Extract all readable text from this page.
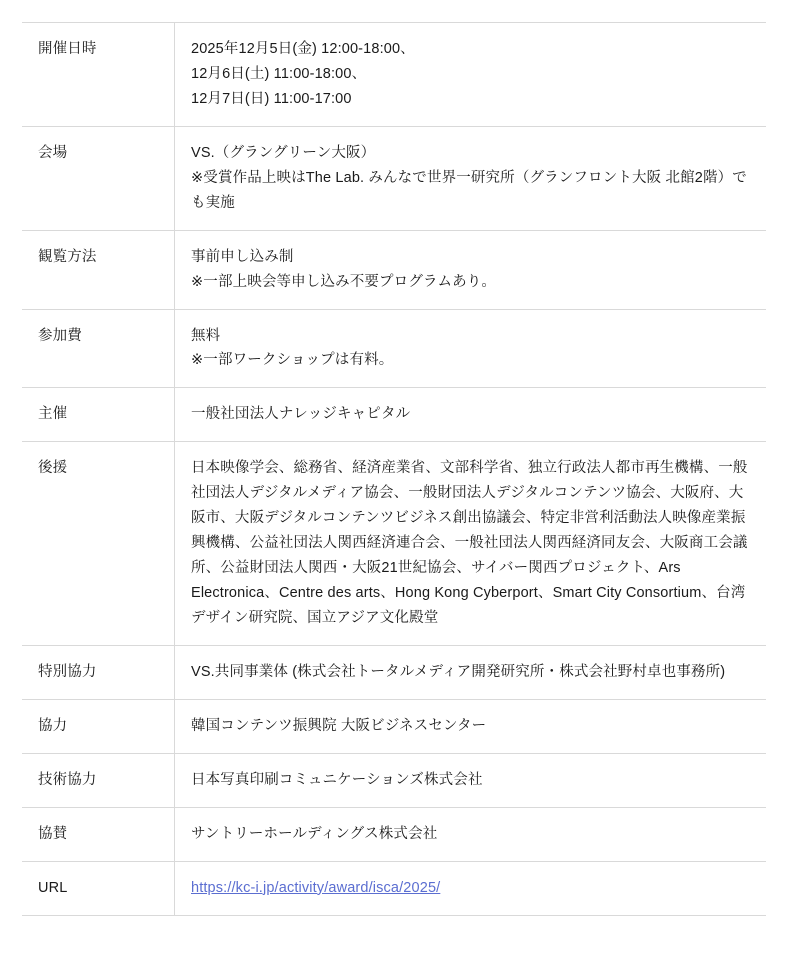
開催日時	2025年12月5日(金) 12:00-18:00、
12月6日(土) 11:00-18:00、
12月7日(日) 11:00-17:00

会場	VS.（グラングリーン大阪）
※受賞作品上映はThe Lab. みんなで世界一研究所（グランフロント大阪 北館2階）でも実施

観覧方法	事前申し込み制
※一部上映会等申し込み不要プログラムあり。

参加費	無料
※一部ワークショップは有料。

主催	一般社団法人ナレッジキャピタル

後援	日本映像学会、総務省、経済産業省、文部科学省、独立行政法人都市再生機構、一般社団法人デジタルメディア協会、一般財団法人デジタルコンテンツ協会、大阪府、大阪市、大阪デジタルコンテンツビジネス創出協議会、特定非営利活動法人映像産業振興機構、公益社団法人関西経済連合会、一般社団法人関西経済同友会、大阪商工会議所、公益財団法人関西・大阪21世紀協会、サイバー関西プロジェクト、Ars Electronica、Centre des arts、Hong Kong Cyberport、Smart City Consortium、台湾デザイン研究院、国立アジア文化殿堂

特別協力	VS.共同事業体 (株式会社トータルメディア開発研究所・株式会社野村卓也事務所)

協力	韓国コンテンツ振興院 大阪ビジネスセンター

技術協力	日本写真印刷コミュニケーションズ株式会社

協賛	サントリーホールディングス株式会社

URL	https://kc-i.jp/activity/award/isca/2025/
